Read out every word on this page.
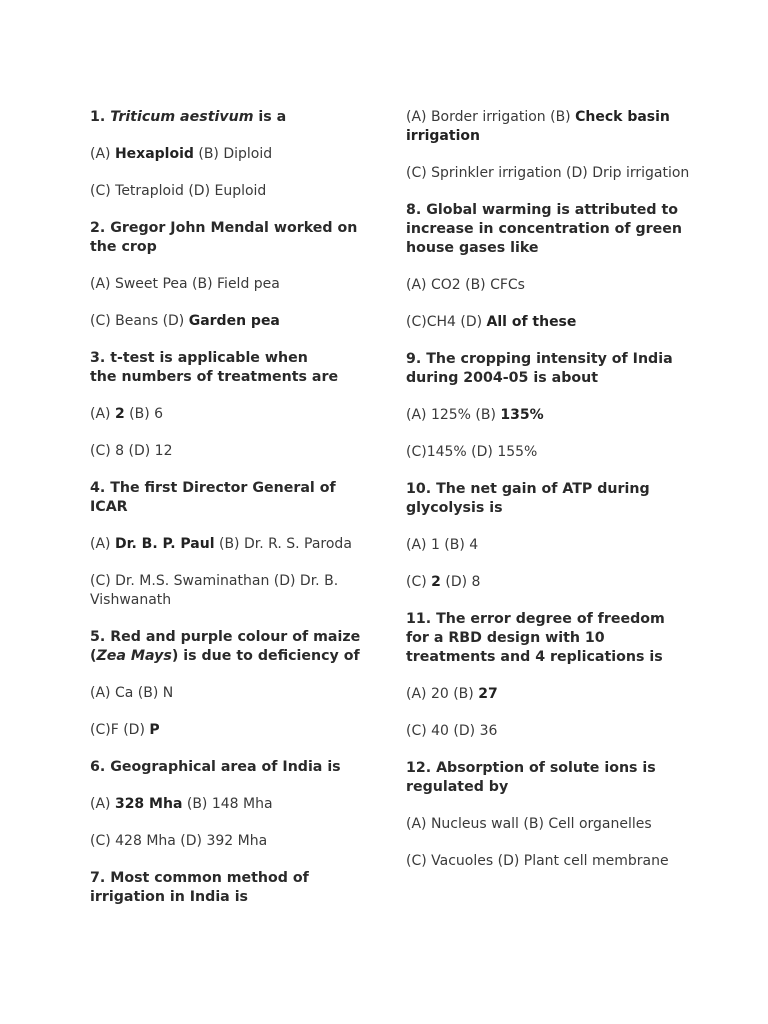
1. Triticum aestivum is a
(A) Hexaploid (B) Diploid
(C) Tetraploid (D) Euploid
2. Gregor John Mendal worked on the crop
(A) Sweet Pea (B) Field pea
(C) Beans (D) Garden pea
3. t-test is applicable when
the numbers of treatments are
(A) 2 (B) 6
(C) 8 (D) 12
4. The first Director General of ICAR
(A) Dr. B. P. Paul (B) Dr. R. S. Paroda
(C) Dr. M.S. Swaminathan (D) Dr. B. Vishwanath
5. Red and purple colour of maize (Zea Mays) is due to deficiency of
(A) Ca (B) N
(C)F (D) P
6. Geographical area of India is
(A) 328 Mha (B) 148 Mha
(C) 428 Mha (D) 392 Mha
7. Most common method of irrigation in India is
(A) Border irrigation (B) Check basin irrigation
(C) Sprinkler irrigation (D) Drip irrigation
8. Global warming is attributed to increase in concentration of green house gases like
(A) CO2 (B) CFCs
(C)CH4 (D) All of these
9. The cropping intensity of India during 2004-05 is about
(A) 125% (B) 135%
(C)145% (D) 155%
10. The net gain of ATP during glycolysis is
(A) 1 (B) 4
(C) 2 (D) 8
11. The error degree of freedom for a RBD design with 10 treatments and 4 replications is
(A) 20 (B) 27
(C) 40 (D) 36
12. Absorption of solute ions is regulated by
(A) Nucleus wall (B) Cell organelles
(C) Vacuoles (D) Plant cell membrane
